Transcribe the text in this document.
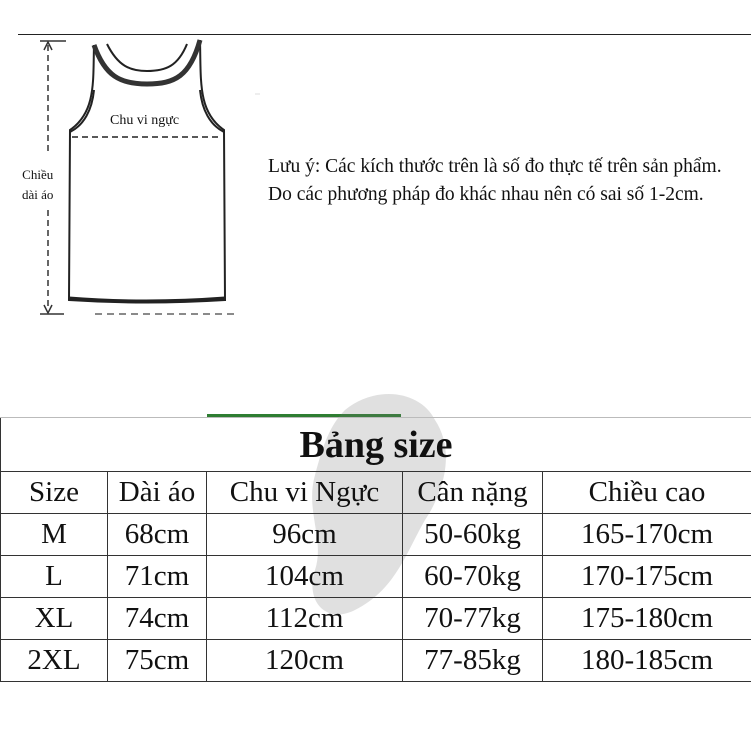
Chu vi ngực
Chiều
dài áo
Lưu ý: Các kích thước trên là số đo thực tế trên sản phẩm. Do các phương pháp đo khác nhau nên có sai số 1-2cm.
Bảng size				
Size	Dài áo	Chu vi Ngực	Cân nặng	Chiều cao
M	68cm	96cm	50-60kg	165-170cm
L	71cm	104cm	60-70kg	170-175cm
XL	74cm	112cm	70-77kg	175-180cm
2XL	75cm	120cm	77-85kg	180-185cm
